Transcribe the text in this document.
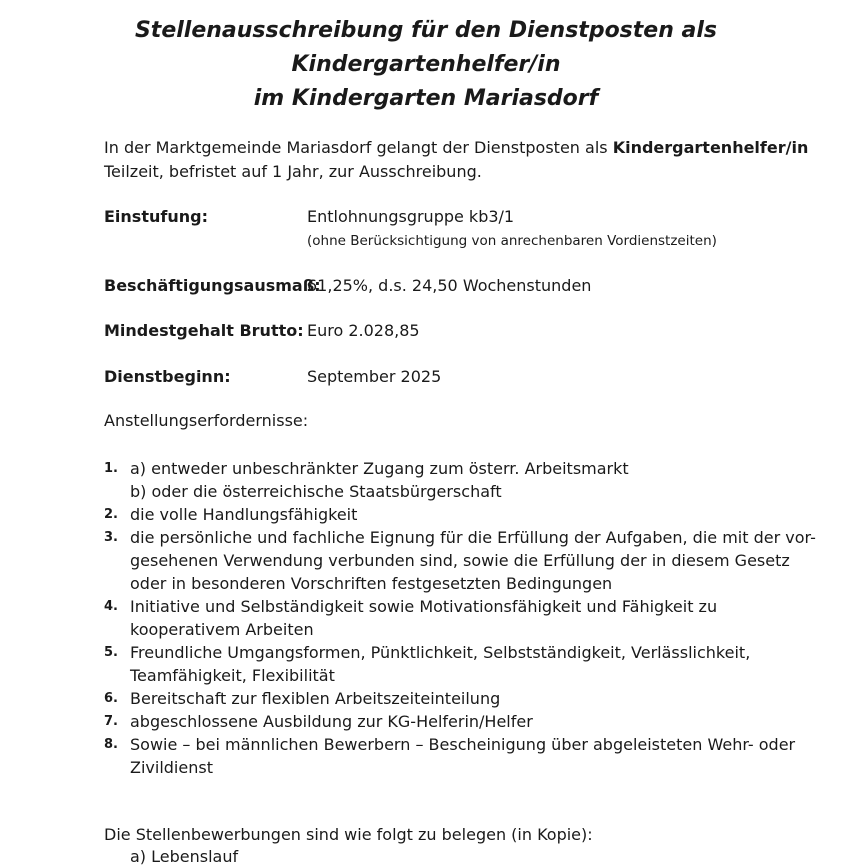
Stellenausschreibung für den Dienstposten als
Kindergartenhelfer/in
im Kindergarten Mariasdorf
In der Marktgemeinde Mariasdorf gelangt der Dienstposten als Kindergartenhelfer/in
Teilzeit, befristet auf 1 Jahr, zur Ausschreibung.
Einstufung:	Entlohnungsgruppe kb3/1
(ohne Berücksichtigung von anrechenbaren Vordienstzeiten)
Beschäftigungsausmaß:
61,25%, d.s. 24,50 Wochenstunden
Mindestgehalt Brutto: Euro 2.028,85
Dienstbeginn:	September 2025
Anstellungserfordernisse:
1. a) entweder unbeschränkter Zugang zum österr. Arbeitsmarkt
b) oder die österreichische Staatsbürgerschaft
2. die volle Handlungsfähigkeit
3. die persönliche und fachliche Eignung für die Erfüllung der Aufgaben, die mit der vor-
gesehenen Verwendung verbunden sind, sowie die Erfüllung der in diesem Gesetz
oder in besonderen Vorschriften festgesetzten Bedingungen
4. Initiative und Selbständigkeit sowie Motivationsfähigkeit und Fähigkeit zu
kooperativem Arbeiten
5. Freundliche Umgangsformen, Pünktlichkeit, Selbstständigkeit, Verlässlichkeit,
Teamfähigkeit, Flexibilität
6. Bereitschaft zur flexiblen Arbeitszeiteinteilung
7. abgeschlossene Ausbildung zur KG-Helferin/Helfer
8. Sowie – bei männlichen Bewerbern – Bescheinigung über abgeleisteten Wehr- oder
Zivildienst
Die Stellenbewerbungen sind wie folgt zu belegen (in Kopie):
a) Lebenslauf
